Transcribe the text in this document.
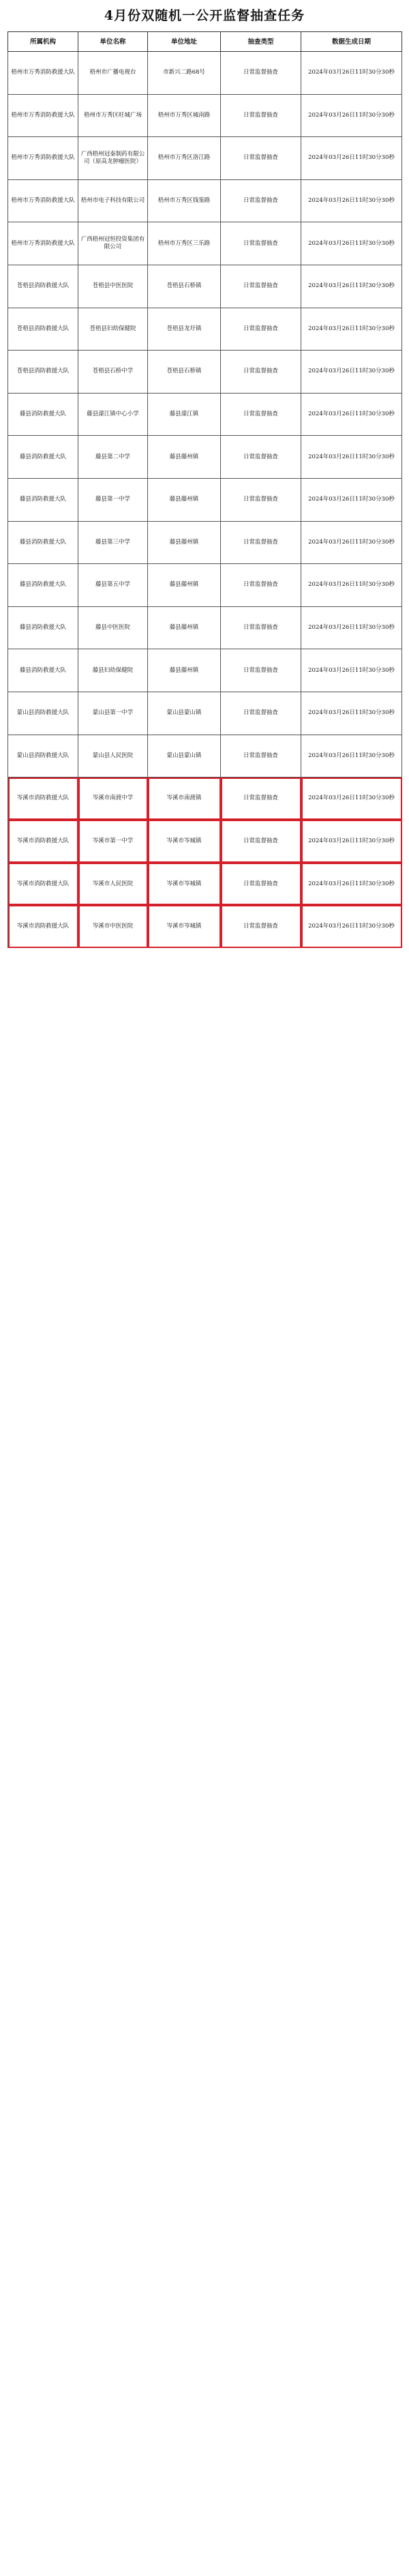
4月份双随机一公开监督抽查任务
所属机构	单位名称	单位地址	抽查类型	数据生成日期
梧州市万秀消防救援大队	梧州市广播电视台	市新兴二路68号	日常监督抽查	2024年03月26日11时30分30秒
梧州市万秀消防救援大队	梧州市万秀区旺城广场	梧州市万秀区城南路	日常监督抽查	2024年03月26日11时30分30秒
梧州市万秀消防救援大队	广西梧州冠泰制药有限公司（原高龙肿瘤医院）	梧州市万秀区洛江路	日常监督抽查	2024年03月26日11时30分30秒
梧州市万秀消防救援大队	梧州市电子科技有限公司	梧州市万秀区钱鉴路	日常监督抽查	2024年03月26日11时30分30秒
梧州市万秀消防救援大队	广西梧州冠恒投资集团有限公司	梧州市万秀区三乐路	日常监督抽查	2024年03月26日11时30分30秒
苍梧县消防救援大队	苍梧县中医医院	苍梧县石桥镇	日常监督抽查	2024年03月26日11时30分30秒
苍梧县消防救援大队	苍梧县妇幼保健院	苍梧县龙圩镇	日常监督抽查	2024年03月26日11时30分30秒
苍梧县消防救援大队	苍梧县石桥中学	苍梧县石桥镇	日常监督抽查	2024年03月26日11时30分30秒
藤县消防救援大队	藤县濛江镇中心小学	藤县濛江镇	日常监督抽查	2024年03月26日11时30分30秒
藤县消防救援大队	藤县第二中学	藤县藤州镇	日常监督抽查	2024年03月26日11时30分30秒
藤县消防救援大队	藤县第一中学	藤县藤州镇	日常监督抽查	2024年03月26日11时30分30秒
藤县消防救援大队	藤县第三中学	藤县藤州镇	日常监督抽查	2024年03月26日11时30分30秒
藤县消防救援大队	藤县第五中学	藤县藤州镇	日常监督抽查	2024年03月26日11时30分30秒
藤县消防救援大队	藤县中医医院	藤县藤州镇	日常监督抽查	2024年03月26日11时30分30秒
藤县消防救援大队	藤县妇幼保健院	藤县藤州镇	日常监督抽查	2024年03月26日11时30分30秒
蒙山县消防救援大队	蒙山县第一中学	蒙山县蒙山镇	日常监督抽查	2024年03月26日11时30分30秒
蒙山县消防救援大队	蒙山县人民医院	蒙山县蒙山镇	日常监督抽查	2024年03月26日11时30分30秒
岑溪市消防救援大队	岑溪市南渡中学	岑溪市南渡镇	日常监督抽查	2024年03月26日11时30分30秒
岑溪市消防救援大队	岑溪市第一中学	岑溪市岑城镇	日常监督抽查	2024年03月26日11时30分30秒
岑溪市消防救援大队	岑溪市人民医院	岑溪市岑城镇	日常监督抽查	2024年03月26日11时30分30秒
岑溪市消防救援大队	岑溪市中医医院	岑溪市岑城镇	日常监督抽查	2024年03月26日11时30分30秒
